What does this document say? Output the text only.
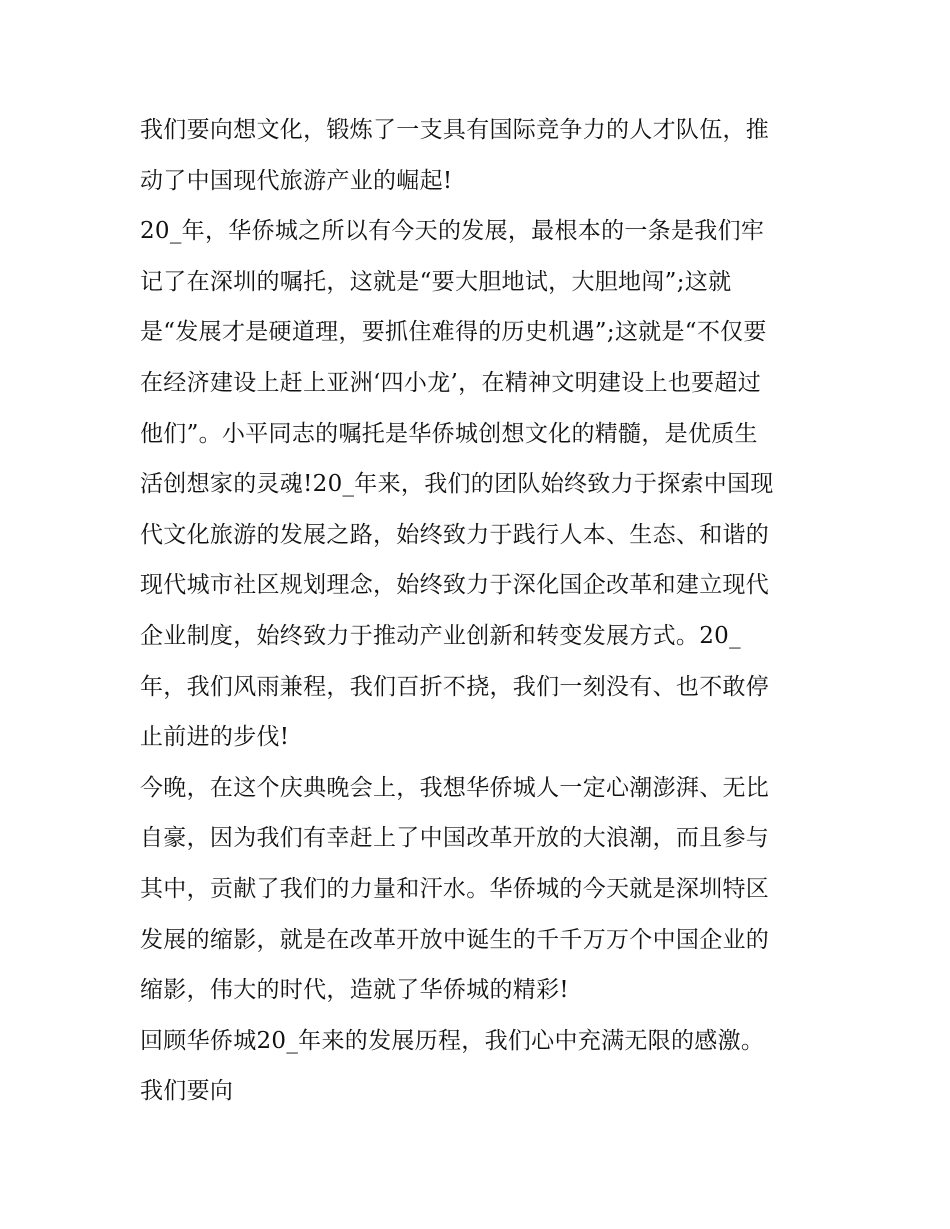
我们要向想文化，锻炼了一支具有国际竞争力的人才队伍，推
动了中国现代旅游产业的崛起!
20_年，华侨城之所以有今天的发展，最根本的一条是我们牢
记了在深圳的嘱托，这就是“要大胆地试，大胆地闯”;这就
是“发展才是硬道理，要抓住难得的历史机遇”;这就是“不仅要
在经济建设上赶上亚洲‘四小龙’，在精神文明建设上也要超过
他们”。小平同志的嘱托是华侨城创想文化的精髓，是优质生
活创想家的灵魂!20_年来，我们的团队始终致力于探索中国现
代文化旅游的发展之路，始终致力于践行人本、生态、和谐的
现代城市社区规划理念，始终致力于深化国企改革和建立现代
企业制度，始终致力于推动产业创新和转变发展方式。20_
年，我们风雨兼程，我们百折不挠，我们一刻没有、也不敢停
止前进的步伐!
今晚，在这个庆典晚会上，我想华侨城人一定心潮澎湃、无比
自豪，因为我们有幸赶上了中国改革开放的大浪潮，而且参与
其中，贡献了我们的力量和汗水。华侨城的今天就是深圳特区
发展的缩影，就是在改革开放中诞生的千千万万个中国企业的
缩影，伟大的时代，造就了华侨城的精彩!
回顾华侨城20_年来的发展历程，我们心中充满无限的感激。
我们要向
